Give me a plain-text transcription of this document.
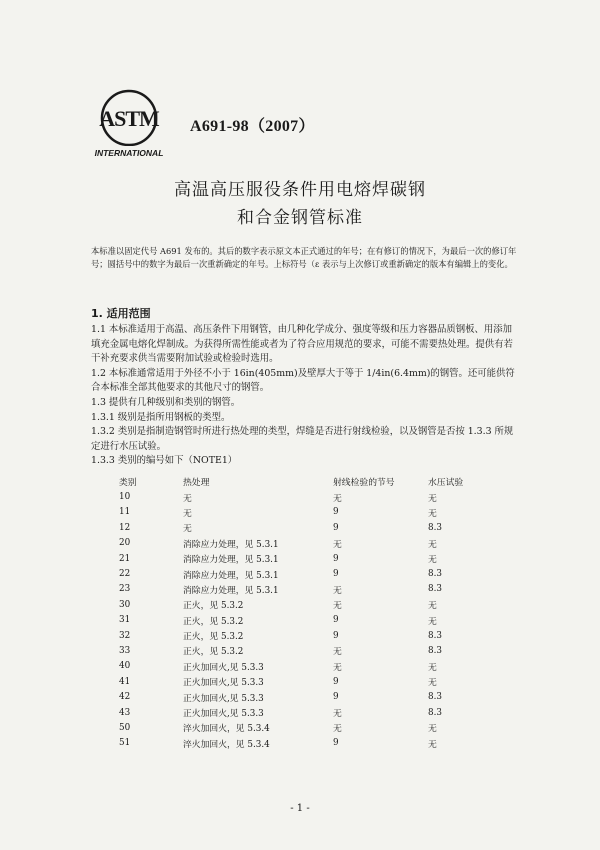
ASTM
INTERNATIONAL
A691-98（2007）
高温高压服役条件用电熔焊碳钢
和合金钢管标准
本标准以固定代号 A691 发布的。其后的数字表示原文本正式通过的年号；在有修订的情况下，为最后一次的修订年号；圆括号中的数字为最后一次重新确定的年号。上标符号（ε 表示与上次修订或重新确定的版本有编辑上的变化。
1. 适用范围

1.1 本标准适用于高温、高压条件下用钢管，由几种化学成分、强度等级和压力容器品质钢板、用添加填充金属电熔化焊制成。为获得所需性能或者为了符合应用规范的要求，可能不需要热处理。提供有若干补充要求供当需要附加试验或检验时选用。

1.2 本标准通常适用于外径不小于 16in(405mm)及壁厚大于等于 1/4in(6.4mm)的钢管。还可能供符合本标准全部其他要求的其他尺寸的钢管。

1.3 提供有几种级别和类别的钢管。

1.3.1 级别是指所用钢板的类型。

1.3.2 类别是指制造钢管时所进行热处理的类型，焊缝是否进行射线检验，以及钢管是否按 1.3.3 所规定进行水压试验。

1.3.3 类别的编号如下（NOTE1）

类别	热处理	射线检验的节号	水压试验
10	无	无	无
11	无	9	无
12	无	9	8.3
20	消除应力处理，见 5.3.1	无	无
21	消除应力处理，见 5.3.1	9	无
22	消除应力处理，见 5.3.1	9	8.3
23	消除应力处理，见 5.3.1	无	8.3
30	正火，见 5.3.2	无	无
31	正火，见 5.3.2	9	无
32	正火，见 5.3.2	9	8.3
33	正火，见 5.3.2	无	8.3
40	正火加回火,见 5.3.3	无	无
41	正火加回火,见 5.3.3	9	无
42	正火加回火,见 5.3.3	9	8.3
43	正火加回火,见 5.3.3	无	8.3
50	淬火加回火，见 5.3.4	无	无
51	淬火加回火，见 5.3.4	9	无
- 1 -
